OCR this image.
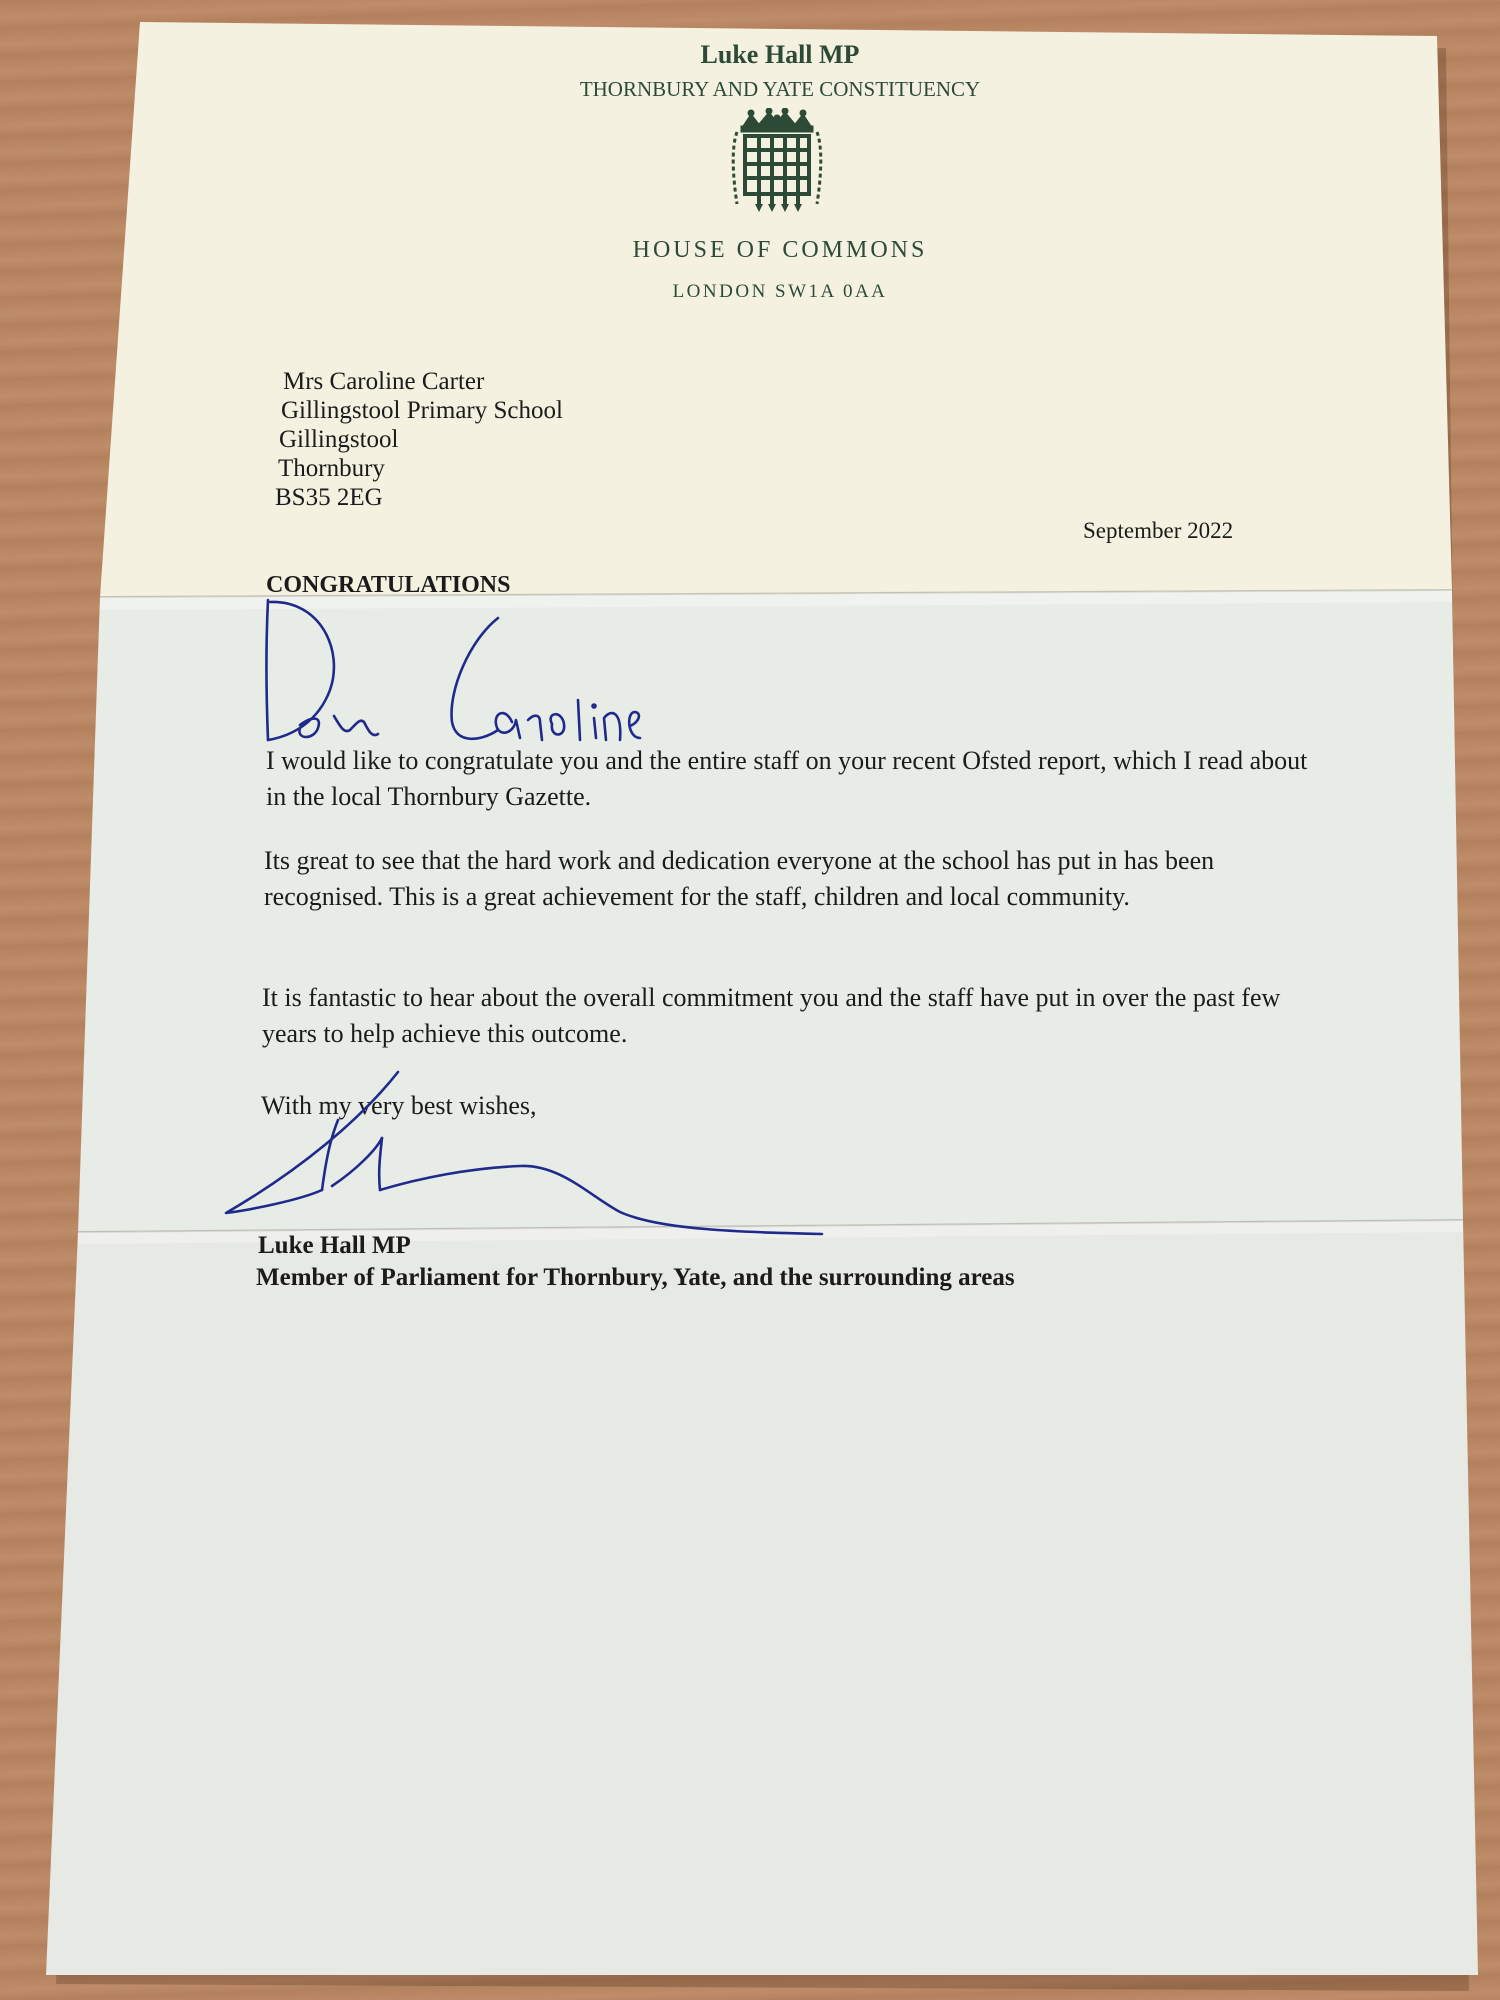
Luke Hall MP
THORNBURY AND YATE CONSTITUENCY
HOUSE OF COMMONS
LONDON SW1A 0AA
Mrs Caroline Carter
Gillingstool Primary School
Gillingstool
Thornbury
BS35 2EG
September 2022
CONGRATULATIONS
I would like to congratulate you and the entire staff on your recent Ofsted report, which I read about in the local Thornbury Gazette.
Its great to see that the hard work and dedication everyone at the school has put in has been recognised. This is a great achievement for the staff, children and local community.
It is fantastic to hear about the overall commitment you and the staff have put in over the past few years to help achieve this outcome.
With my very best wishes,
Luke Hall MP
Member of Parliament for Thornbury, Yate, and the surrounding areas
